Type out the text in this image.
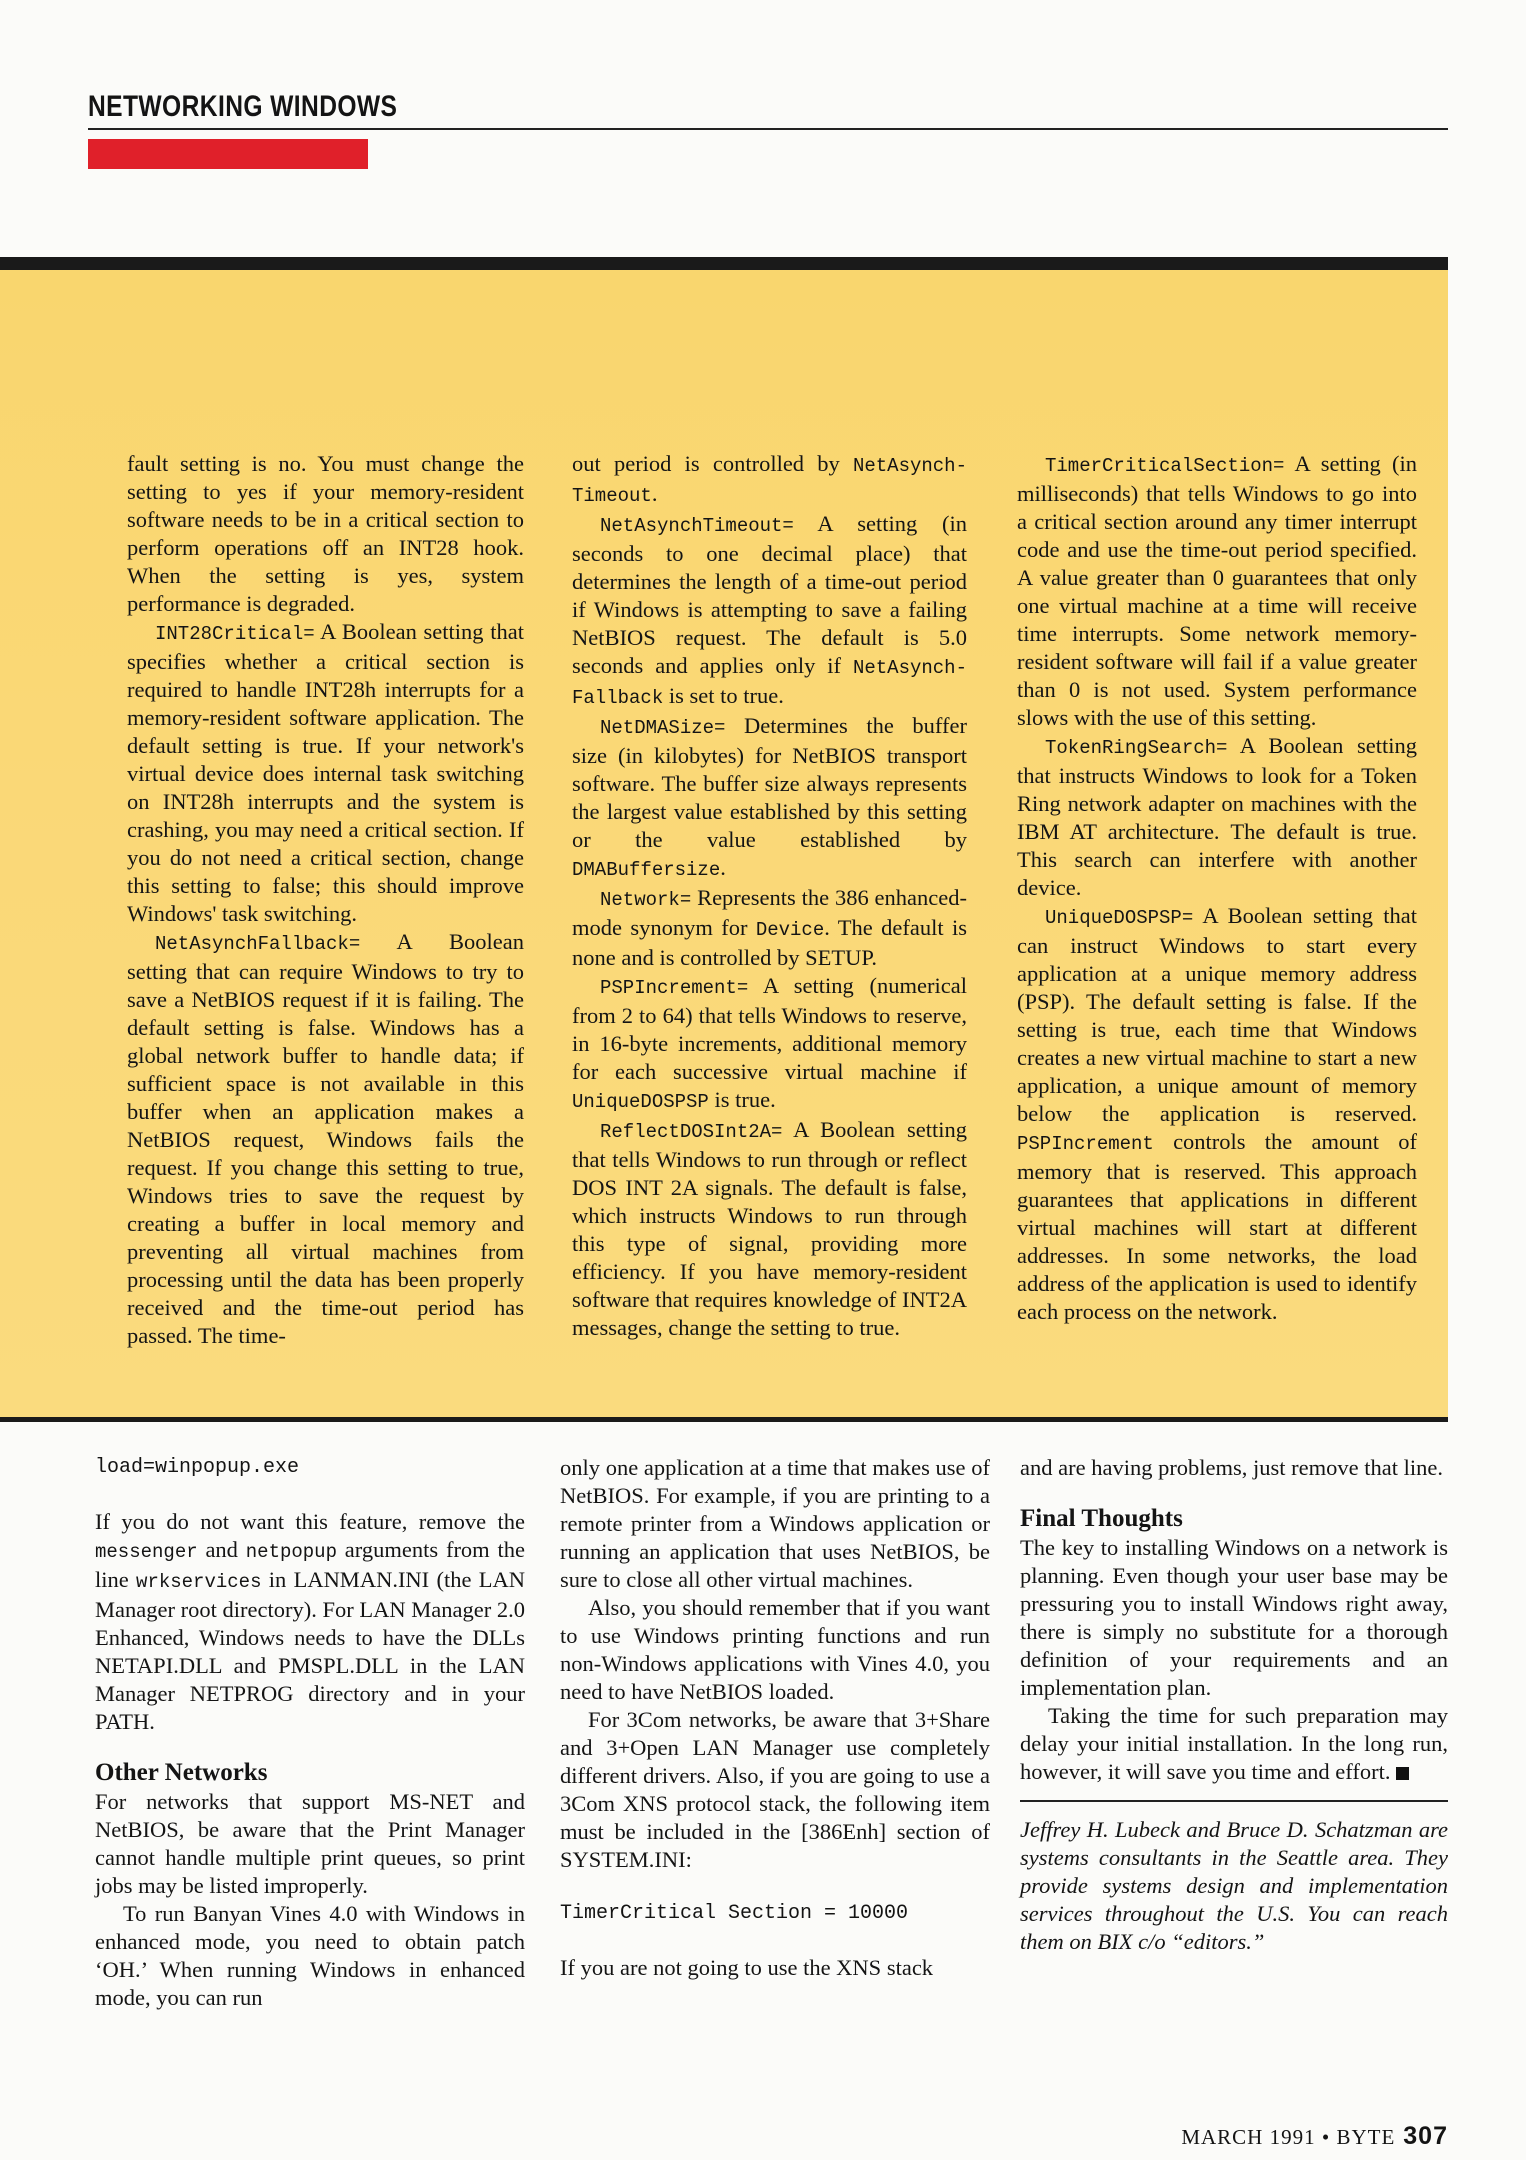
NETWORKING WINDOWS

fault setting is no. You must change the setting to yes if your memory-resident software needs to be in a critical section to perform operations off an INT28 hook. When the setting is yes, system performance is degraded.

INT28Critical= A Boolean setting that specifies whether a critical section is required to handle INT28h interrupts for a memory-resident software application. The default setting is true. If your network's virtual device does internal task switching on INT28h interrupts and the system is crashing, you may need a critical section. If you do not need a critical section, change this setting to false; this should improve Windows' task switching.

NetAsynchFallback= A Boolean setting that can require Windows to try to save a NetBIOS request if it is failing. The default setting is false. Windows has a global network buffer to handle data; if sufficient space is not available in this buffer when an application makes a NetBIOS request, Windows fails the request. If you change this setting to true, Windows tries to save the request by creating a buffer in local memory and preventing all virtual machines from processing until the data has been properly received and the time-out period has passed. The time-

out period is controlled by NetAsynch-Timeout.

NetAsynchTimeout= A setting (in seconds to one decimal place) that determines the length of a time-out period if Windows is attempting to save a failing NetBIOS request. The default is 5.0 seconds and applies only if NetAsynch-Fallback is set to true.

NetDMASize= Determines the buffer size (in kilobytes) for NetBIOS transport software. The buffer size always represents the largest value established by this setting or the value established by DMABuffersize.

Network= Represents the 386 enhanced-mode synonym for Device. The default is none and is controlled by SETUP.

PSPIncrement= A setting (numerical from 2 to 64) that tells Windows to reserve, in 16-byte increments, additional memory for each successive virtual machine if UniqueDOSPSP is true.

ReflectDOSInt2A= A Boolean setting that tells Windows to run through or reflect DOS INT 2A signals. The default is false, which instructs Windows to run through this type of signal, providing more efficiency. If you have memory-resident software that requires knowledge of INT2A messages, change the setting to true.

TimerCriticalSection= A setting (in milliseconds) that tells Windows to go into a critical section around any timer interrupt code and use the time-out period specified. A value greater than 0 guarantees that only one virtual machine at a time will receive time interrupts. Some network memory-resident software will fail if a value greater than 0 is not used. System performance slows with the use of this setting.

TokenRingSearch= A Boolean setting that instructs Windows to look for a Token Ring network adapter on machines with the IBM AT architecture. The default is true. This search can interfere with another device.

UniqueDOSPSP= A Boolean setting that can instruct Windows to start every application at a unique memory address (PSP). The default setting is false. If the setting is true, each time that Windows creates a new virtual machine to start a new application, a unique amount of memory below the application is reserved. PSPIncrement controls the amount of memory that is reserved. This approach guarantees that applications in different virtual machines will start at different addresses. In some networks, the load address of the application is used to identify each process on the network.

load=winpopup.exe

If you do not want this feature, remove the messenger and netpopup arguments from the line wrkservices in LANMAN.INI (the LAN Manager root directory). For LAN Manager 2.0 Enhanced, Windows needs to have the DLLs NETAPI.DLL and PMSPL.DLL in the LAN Manager NETPROG directory and in your PATH.

Other Networks

For networks that support MS-NET and NetBIOS, be aware that the Print Manager cannot handle multiple print queues, so print jobs may be listed improperly.

To run Banyan Vines 4.0 with Windows in enhanced mode, you need to obtain patch ‘OH.’ When running Windows in enhanced mode, you can run

only one application at a time that makes use of NetBIOS. For example, if you are printing to a remote printer from a Windows application or running an application that uses NetBIOS, be sure to close all other virtual machines.

Also, you should remember that if you want to use Windows printing functions and run non-Windows applications with Vines 4.0, you need to have NetBIOS loaded.

For 3Com networks, be aware that 3+Share and 3+Open LAN Manager use completely different drivers. Also, if you are going to use a 3Com XNS protocol stack, the following item must be included in the [386Enh] section of SYSTEM.INI:

TimerCritical Section = 10000

If you are not going to use the XNS stack

and are having problems, just remove that line.

Final Thoughts

The key to installing Windows on a network is planning. Even though your user base may be pressuring you to install Windows right away, there is simply no substitute for a thorough definition of your requirements and an implementation plan.

Taking the time for such preparation may delay your initial installation. In the long run, however, it will save you time and effort.

Jeffrey H. Lubeck and Bruce D. Schatzman are systems consultants in the Seattle area. They provide systems design and implementation services throughout the U.S. You can reach them on BIX c/o “editors.”

MARCH 1991 • BYTE 307
